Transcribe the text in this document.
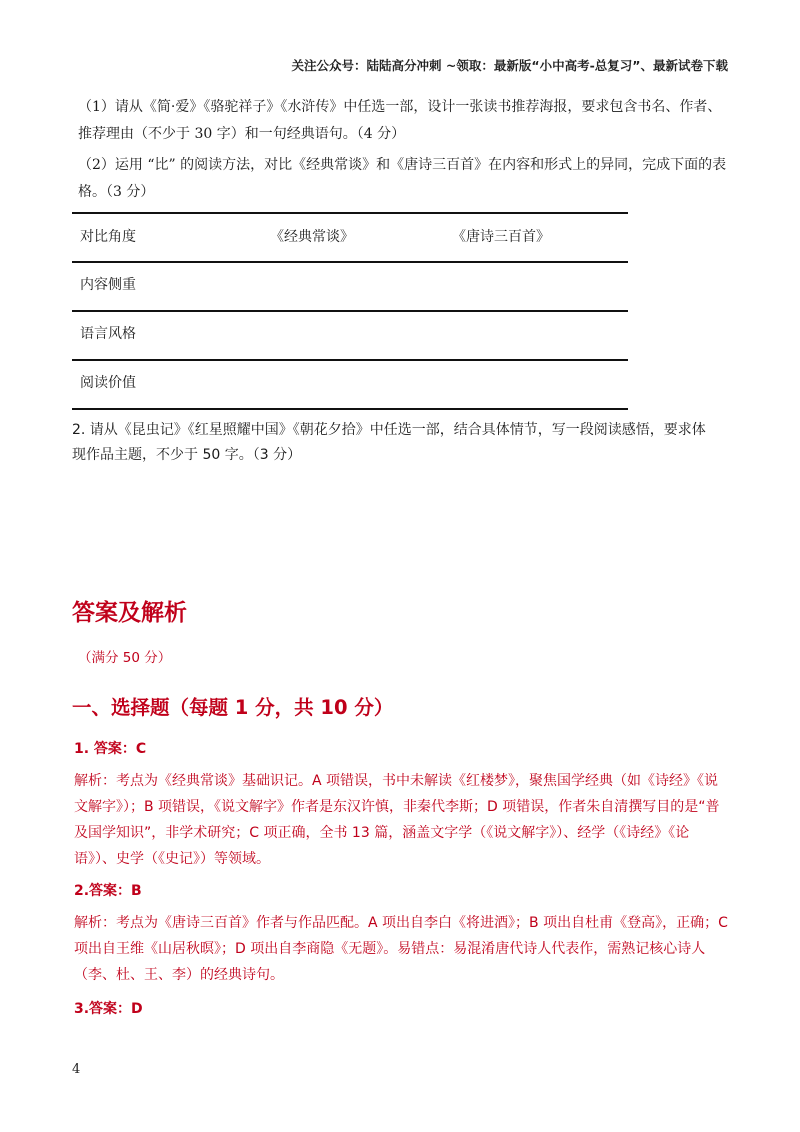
关注公众号：陆陆高分冲刺 ~领取：最新版“小中高考-总复习”、最新试卷下载
（1）请从《简·爱》《骆驼祥子》《水浒传》中任选一部，设计一张读书推荐海报，要求包含书名、作者、推荐理由（不少于 30 字）和一句经典语句。（4 分）
（2）运用 “比” 的阅读方法，对比《经典常谈》和《唐诗三百首》在内容和形式上的异同，完成下面的表格。（3 分）
对比角度	《经典常谈》	《唐诗三百首》
内容侧重
语言风格
阅读价值
2. 请从《昆虫记》《红星照耀中国》《朝花夕拾》中任选一部，结合具体情节，写一段阅读感悟，要求体现作品主题，不少于 50 字。（3 分）
答案及解析
（满分 50 分）
一、选择题（每题 1 分，共 10 分）
1. 答案：C
解析：考点为《经典常谈》基础识记。A 项错误，书中未解读《红楼梦》，聚焦国学经典（如《诗经》《说文解字》）；B 项错误，《说文解字》作者是东汉许慎，非秦代李斯；D 项错误，作者朱自清撰写目的是“普及国学知识”，非学术研究；C 项正确，全书 13 篇，涵盖文字学（《说文解字》）、经学（《诗经》《论语》）、史学（《史记》）等领域。
2.答案：B
解析：考点为《唐诗三百首》作者与作品匹配。A 项出自李白《将进酒》；B 项出自杜甫《登高》，正确；C 项出自王维《山居秋暝》；D 项出自李商隐《无题》。易错点：易混淆唐代诗人代表作，需熟记核心诗人（李、杜、王、李）的经典诗句。
3.答案：D
4
